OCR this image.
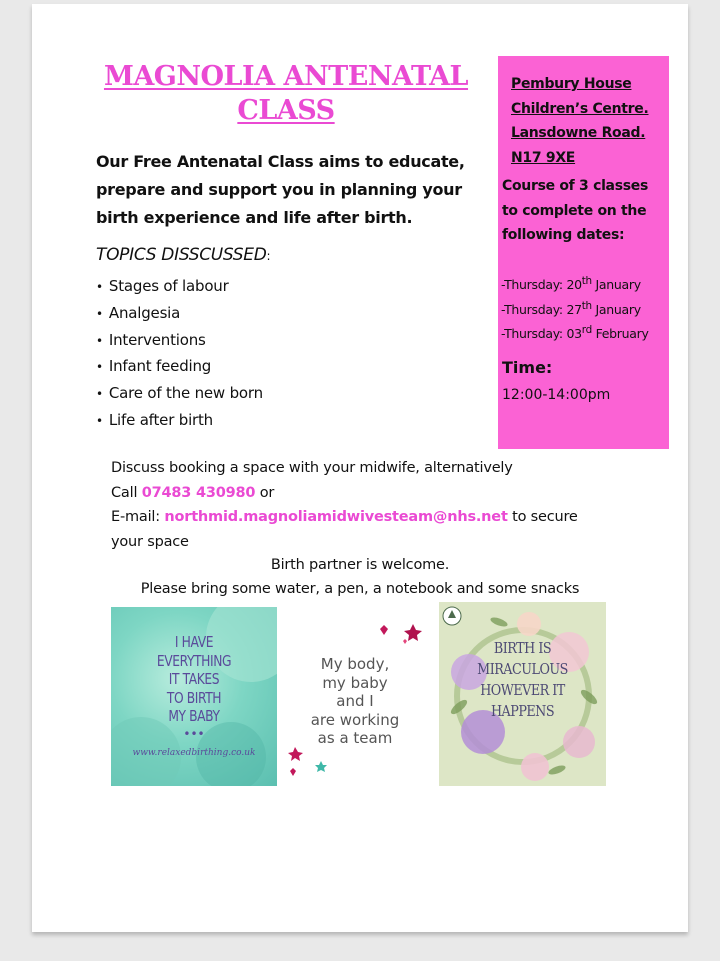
MAGNOLIA ANTENATAL CLASS
Our Free Antenatal Class aims to educate, prepare and support you in planning your birth experience and life after birth.
TOPICS DISSCUSSED:
• Stages of labour
• Analgesia
• Interventions
• Infant feeding
• Care of the new born
• Life after birth
Pembury House
Children’s Centre.
Lansdowne Road.
N17 9XE
Course of 3 classes to complete on the following dates:
-Thursday: 20th January
-Thursday: 27th January
-Thursday: 03rd February
Time:
12:00-14:00pm
Discuss booking a space with your midwife, alternatively
Call 07483 430980 or
E-mail: northmid.magnoliamidwivesteam@nhs.net to secure your space
Birth partner is welcome.
Please bring some water, a pen, a notebook and some snacks
I HAVE
EVERYTHING
IT TAKES
TO BIRTH
MY BABY
•••
www.relaxedbirthing.co.uk
My body,
my baby
and I
are working
as a team
BIRTH IS
MIRACULOUS
HOWEVER IT
HAPPENS
